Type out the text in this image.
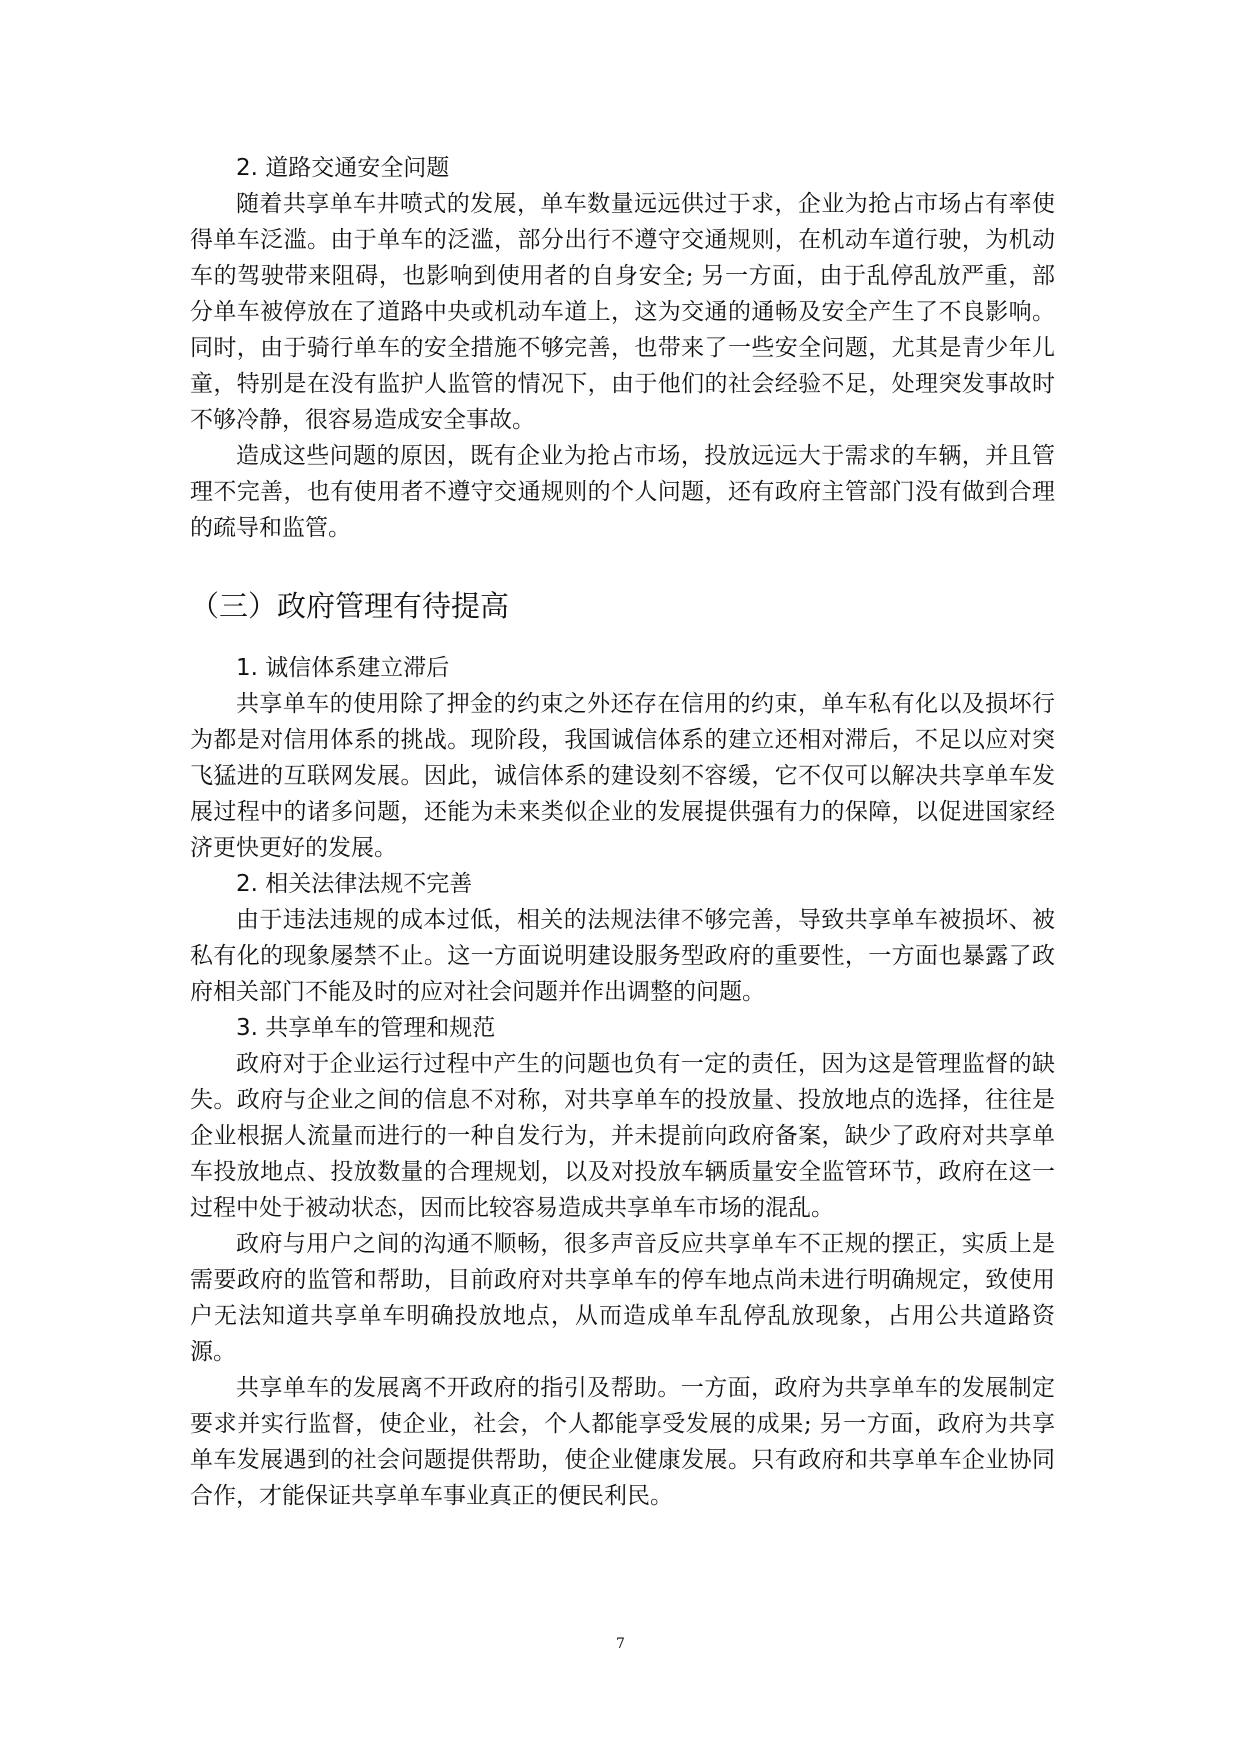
2. 道路交通安全问题

随着共享单车井喷式的发展，单车数量远远供过于求，企业为抢占市场占有率使得单车泛滥。由于单车的泛滥，部分出行不遵守交通规则，在机动车道行驶，为机动车的驾驶带来阻碍，也影响到使用者的自身安全; 另一方面，由于乱停乱放严重，部分单车被停放在了道路中央或机动车道上，这为交通的通畅及安全产生了不良影响。同时，由于骑行单车的安全措施不够完善，也带来了一些安全问题，尤其是青少年儿童，特别是在没有监护人监管的情况下，由于他们的社会经验不足，处理突发事故时不够冷静，很容易造成安全事故。

造成这些问题的原因，既有企业为抢占市场，投放远远大于需求的车辆，并且管理不完善，也有使用者不遵守交通规则的个人问题，还有政府主管部门没有做到合理的疏导和监管。

（三）政府管理有待提高

1. 诚信体系建立滞后

共享单车的使用除了押金的约束之外还存在信用的约束，单车私有化以及损坏行为都是对信用体系的挑战。现阶段，我国诚信体系的建立还相对滞后，不足以应对突飞猛进的互联网发展。因此，诚信体系的建设刻不容缓，它不仅可以解决共享单车发展过程中的诸多问题，还能为未来类似企业的发展提供强有力的保障，以促进国家经济更快更好的发展。

2. 相关法律法规不完善

由于违法违规的成本过低，相关的法规法律不够完善，导致共享单车被损坏、被私有化的现象屡禁不止。这一方面说明建设服务型政府的重要性，一方面也暴露了政府相关部门不能及时的应对社会问题并作出调整的问题。

3. 共享单车的管理和规范

政府对于企业运行过程中产生的问题也负有一定的责任，因为这是管理监督的缺失。政府与企业之间的信息不对称，对共享单车的投放量、投放地点的选择，往往是企业根据人流量而进行的一种自发行为，并未提前向政府备案，缺少了政府对共享单车投放地点、投放数量的合理规划，以及对投放车辆质量安全监管环节，政府在这一过程中处于被动状态，因而比较容易造成共享单车市场的混乱。

政府与用户之间的沟通不顺畅，很多声音反应共享单车不正规的摆正，实质上是需要政府的监管和帮助，目前政府对共享单车的停车地点尚未进行明确规定，致使用户无法知道共享单车明确投放地点，从而造成单车乱停乱放现象，占用公共道路资源。

共享单车的发展离不开政府的指引及帮助。一方面，政府为共享单车的发展制定要求并实行监督，使企业，社会，个人都能享受发展的成果; 另一方面，政府为共享单车发展遇到的社会问题提供帮助，使企业健康发展。只有政府和共享单车企业协同合作，才能保证共享单车事业真正的便民利民。

7
